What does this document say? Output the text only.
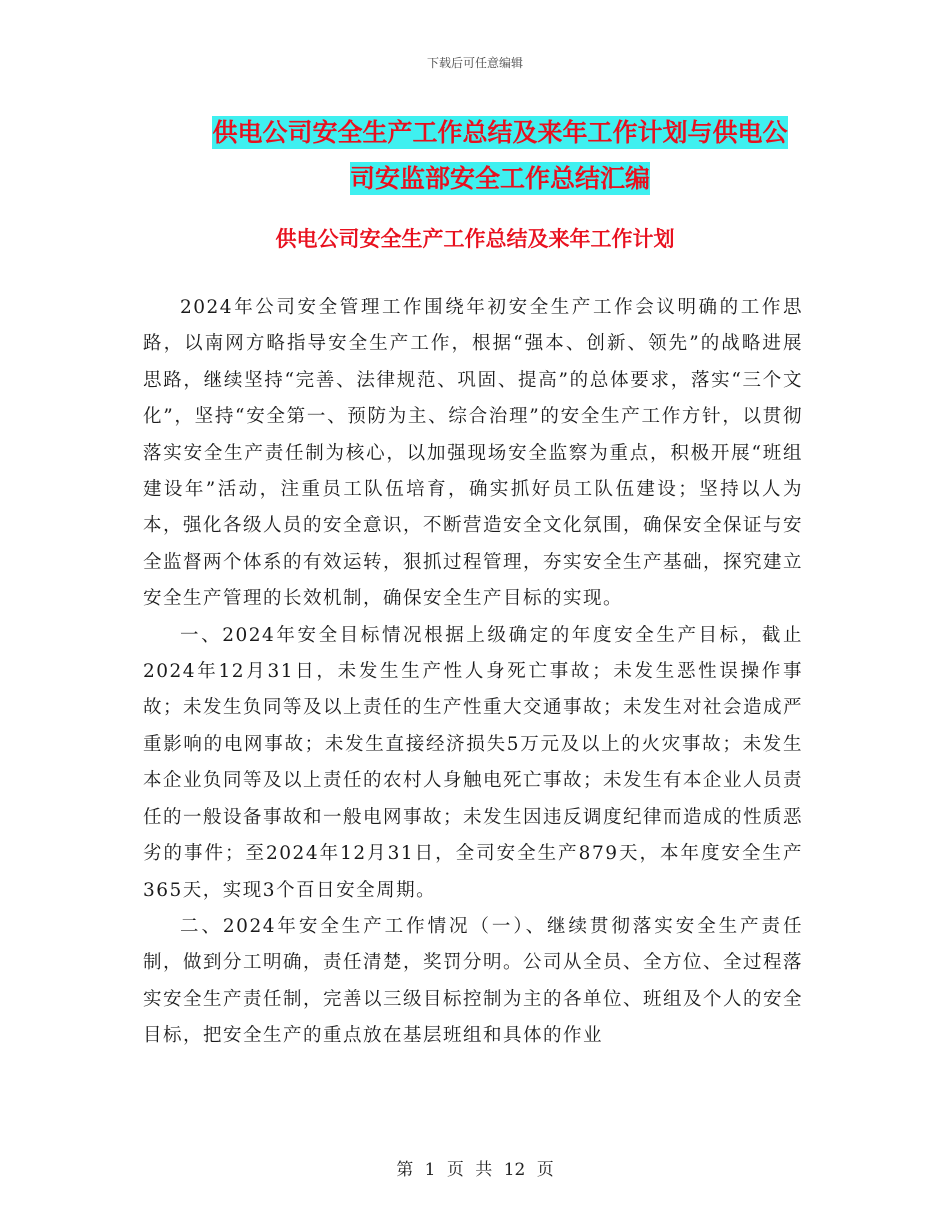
下载后可任意编辑
供电公司安全生产工作总结及来年工作计划与供电公
司安监部安全工作总结汇编
供电公司安全生产工作总结及来年工作计划

2024年公司安全管理工作围绕年初安全生产工作会议明确的工作思路，以南网方略指导安全生产工作，根据“强本、创新、领先”的战略进展思路，继续坚持“完善、法律规范、巩固、提高”的总体要求，落实“三个文化”，坚持“安全第一、预防为主、综合治理”的安全生产工作方针，以贯彻落实安全生产责任制为核心，以加强现场安全监察为重点，积极开展“班组建设年”活动，注重员工队伍培育，确实抓好员工队伍建设；坚持以人为本，强化各级人员的安全意识，不断营造安全文化氛围，确保安全保证与安全监督两个体系的有效运转，狠抓过程管理，夯实安全生产基础，探究建立安全生产管理的长效机制，确保安全生产目标的实现。

一、2024年安全目标情况根据上级确定的年度安全生产目标，截止2024年12月31日，未发生生产性人身死亡事故；未发生恶性误操作事故；未发生负同等及以上责任的生产性重大交通事故；未发生对社会造成严重影响的电网事故；未发生直接经济损失5万元及以上的火灾事故；未发生本企业负同等及以上责任的农村人身触电死亡事故；未发生有本企业人员责任的一般设备事故和一般电网事故；未发生因违反调度纪律而造成的性质恶劣的事件；至2024年12月31日，全司安全生产879天，本年度安全生产365天，实现3个百日安全周期。

二、2024年安全生产工作情况（一）、继续贯彻落实安全生产责任制，做到分工明确，责任清楚，奖罚分明。公司从全员、全方位、全过程落实安全生产责任制，完善以三级目标控制为主的各单位、班组及个人的安全目标，把安全生产的重点放在基层班组和具体的作业

第 1 页 共 12 页
